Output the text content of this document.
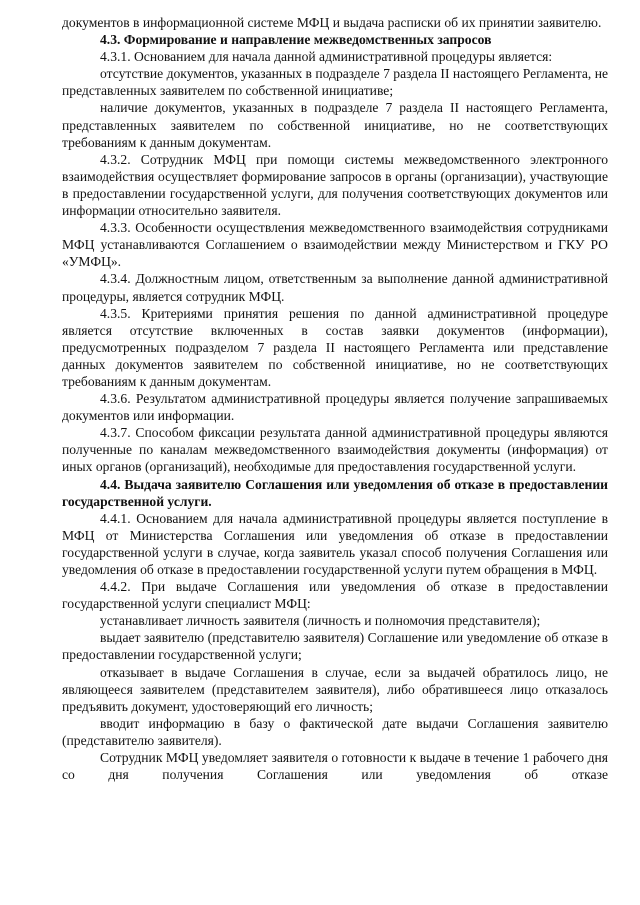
документов в информационной системе МФЦ и выдача расписки об их принятии заявителю.

4.3. Формирование и направление межведомственных запросов

4.3.1. Основанием для начала данной административной процедуры является:

отсутствие документов, указанных в подразделе 7 раздела II настоящего Регламента, не представленных заявителем по собственной инициативе;

наличие документов, указанных в подразделе 7 раздела II настоящего Регламента, представленных заявителем по собственной инициативе, но не соответствующих требованиям к данным документам.

4.3.2. Сотрудник МФЦ при помощи системы межведомственного электронного взаимодействия осуществляет формирование запросов в органы (организации), участвующие в предоставлении государственной услуги, для получения соответствующих документов или информации относительно заявителя.

4.3.3. Особенности осуществления межведомственного взаимодействия сотрудниками МФЦ устанавливаются Соглашением о взаимодействии между Министерством и ГКУ РО «УМФЦ».

4.3.4. Должностным лицом, ответственным за выполнение данной административной процедуры, является сотрудник МФЦ.

4.3.5. Критериями принятия решения по данной административной процедуре является отсутствие включенных в состав заявки документов (информации), предусмотренных подразделом 7 раздела II настоящего Регламента или представление данных документов заявителем по собственной инициативе, но не соответствующих требованиям к данным документам.

4.3.6. Результатом административной процедуры является получение запрашиваемых документов или информации.

4.3.7. Способом фиксации результата данной административной процедуры являются полученные по каналам межведомственного взаимодействия документы (информация) от иных органов (организаций), необходимые для предоставления государственной услуги.

4.4. Выдача заявителю Соглашения или уведомления об отказе в предоставлении государственной услуги.

4.4.1. Основанием для начала административной процедуры является поступление в МФЦ от Министерства Соглашения или уведомления об отказе в предоставлении государственной услуги в случае, когда заявитель указал способ получения Соглашения или уведомления об отказе в предоставлении государственной услуги путем обращения в МФЦ.

4.4.2. При выдаче Соглашения или уведомления об отказе в предоставлении государственной услуги специалист МФЦ:

устанавливает личность заявителя (личность и полномочия представителя);

выдает заявителю (представителю заявителя) Соглашение или уведомление об отказе в предоставлении государственной услуги;

отказывает в выдаче Соглашения в случае, если за выдачей обратилось лицо, не являющееся заявителем (представителем заявителя), либо обратившееся лицо отказалось предъявить документ, удостоверяющий его личность;

вводит информацию в базу о фактической дате выдачи Соглашения заявителю (представителю заявителя).

Сотрудник МФЦ уведомляет заявителя о готовности к выдаче в течение 1 рабочего дня со дня получения Соглашения или уведомления об отказе
